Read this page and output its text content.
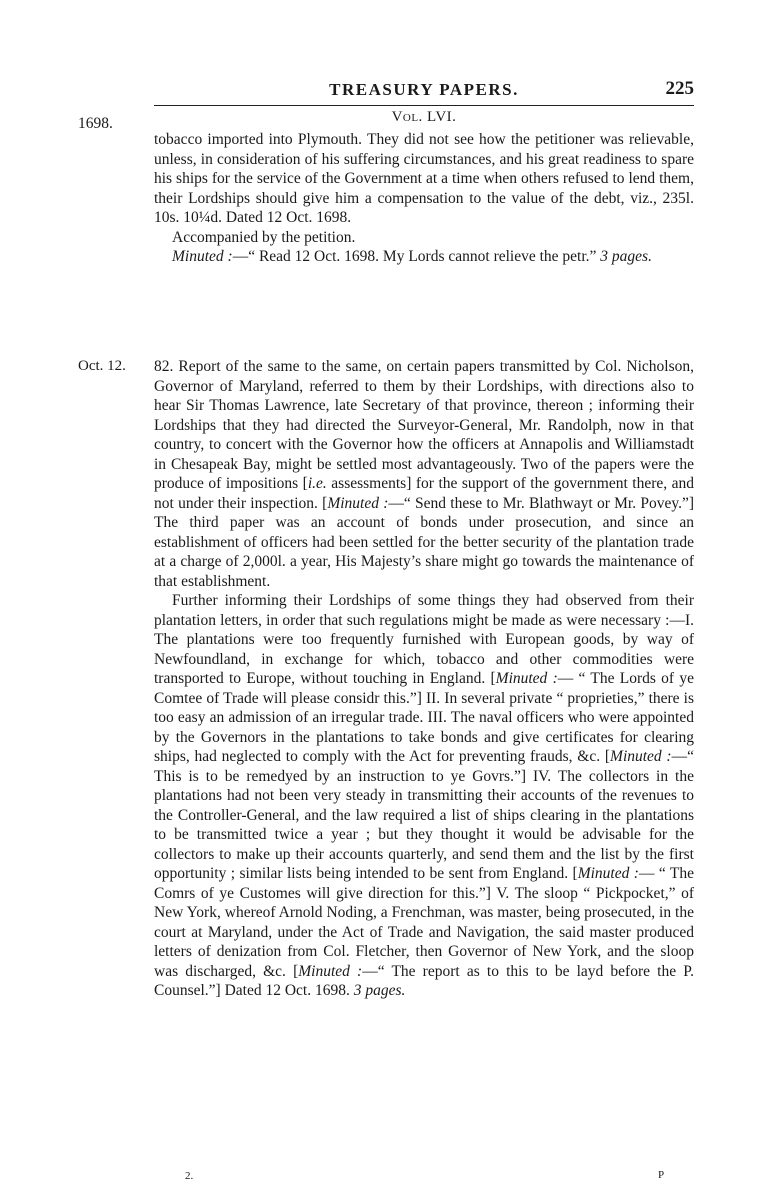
TREASURY PAPERS.	225
Vol. LVI.
1698.
Oct. 12.

tobacco imported into Plymouth. They did not see how the petitioner was relievable, unless, in consideration of his suffering circumstances, and his great readiness to spare his ships for the service of the Government at a time when others refused to lend them, their Lordships should give him a compensation to the value of the debt, viz., 235l. 10s. 10¼d. Dated 12 Oct. 1698.

Accompanied by the petition.

Minuted :—“ Read 12 Oct. 1698. My Lords cannot relieve the petr.” 3 pages.

82. Report of the same to the same, on certain papers transmitted by Col. Nicholson, Governor of Maryland, referred to them by their Lordships, with directions also to hear Sir Thomas Lawrence, late Secretary of that province, thereon ; informing their Lordships that they had directed the Surveyor-General, Mr. Randolph, now in that country, to concert with the Governor how the officers at Annapolis and Williamstadt in Chesapeak Bay, might be settled most advantageously. Two of the papers were the produce of impositions [i.e. assessments] for the support of the government there, and not under their inspection. [Minuted :—“ Send these to Mr. Blathwayt or Mr. Povey.”] The third paper was an account of bonds under prosecution, and since an establishment of officers had been settled for the better security of the plantation trade at a charge of 2,000l. a year, His Majesty’s share might go towards the maintenance of that establishment.

Further informing their Lordships of some things they had observed from their plantation letters, in order that such regulations might be made as were necessary :—I. The plantations were too frequently furnished with European goods, by way of Newfoundland, in exchange for which, tobacco and other commodities were transported to Europe, without touching in England. [Minuted :— “ The Lords of ye Comtee of Trade will please considr this.”] II. In several private “ proprieties,” there is too easy an admission of an irregular trade. III. The naval officers who were appointed by the Governors in the plantations to take bonds and give certificates for clearing ships, had neglected to comply with the Act for preventing frauds, &c. [Minuted :—“ This is to be remedyed by an instruction to ye Govrs.”] IV. The collectors in the plantations had not been very steady in transmitting their accounts of the revenues to the Controller-General, and the law required a list of ships clearing in the plantations to be transmitted twice a year ; but they thought it would be advisable for the collectors to make up their accounts quarterly, and send them and the list by the first opportunity ; similar lists being intended to be sent from England. [Minuted :— “ The Comrs of ye Customes will give direction for this.”] V. The sloop “ Pickpocket,” of New York, whereof Arnold Noding, a Frenchman, was master, being prosecuted, in the court at Maryland, under the Act of Trade and Navigation, the said master produced letters of denization from Col. Fletcher, then Governor of New York, and the sloop was discharged, &c. [Minuted :—“ The report as to this to be layd before the P. Counsel.”] Dated 12 Oct. 1698. 3 pages.

2.	P
